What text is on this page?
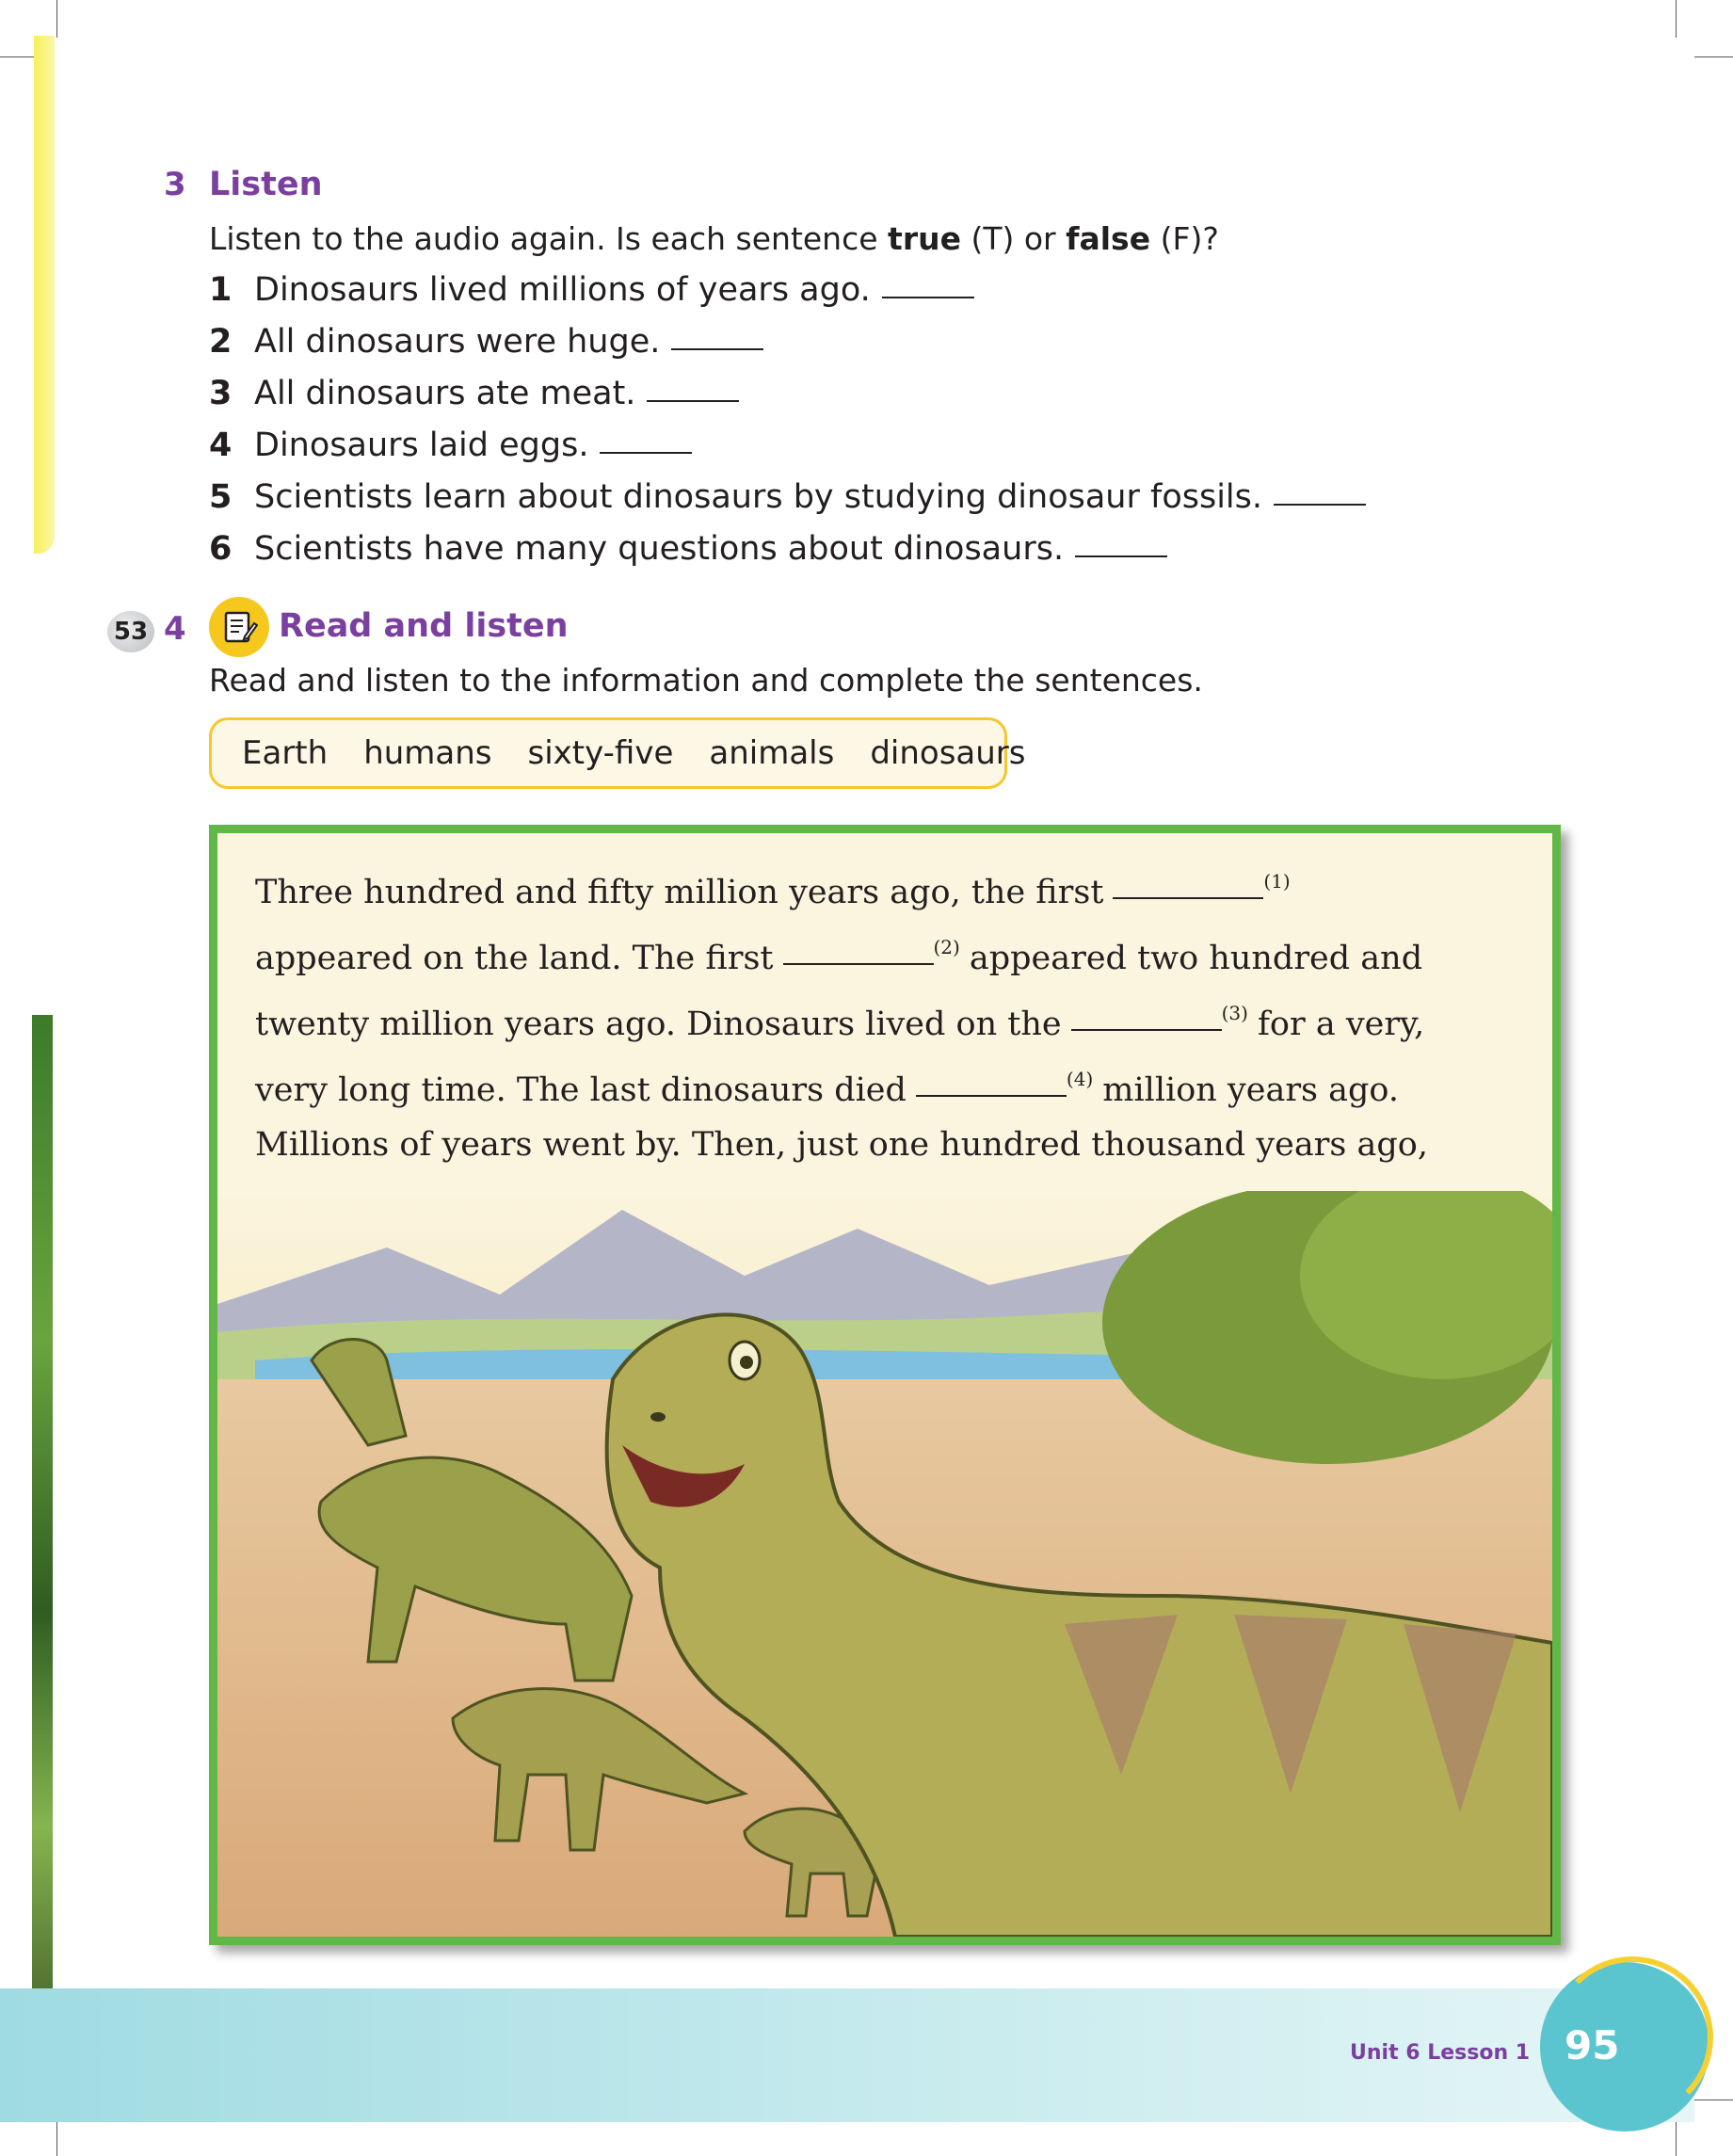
3 Listen
Listen to the audio again. Is each sentence true (T) or false (F)?
1 Dinosaurs lived millions of years ago.
2 All dinosaurs were huge.
3 All dinosaurs ate meat.
4 Dinosaurs laid eggs.
5 Scientists learn about dinosaurs by studying dinosaur fossils.
6 Scientists have many questions about dinosaurs.
53 4	Read and listen
Read and listen to the information and complete the sentences.
Earth humans sixty-five animals dinosaurs
Three hundred and fifty million years ago, the first	$^{(1)}$
appeared on the land. The first	$^{(2)}$ appeared two hundred and
twenty million years ago. Dinosaurs lived on the	$^{(3)}$ for a very,
very long time. The last dinosaurs died	$^{(4)}$ million years ago.
Millions of years went by. Then, just one hundred thousand years ago,
Unit 6 Lesson 1 95
